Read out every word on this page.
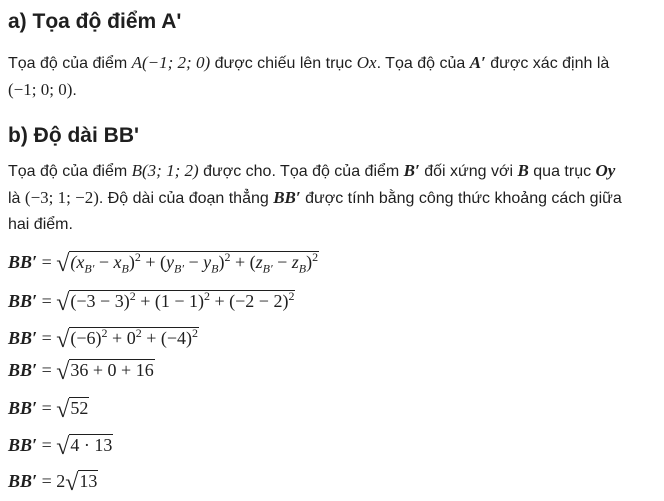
a) Tọa độ điểm A'

Tọa độ của điểm A(−1; 2; 0) được chiếu lên trục Ox. Tọa độ của A′ được xác định là
(−1; 0; 0).

b) Độ dài BB'

Tọa độ của điểm B(3; 1; 2) được cho. Tọa độ của điểm B′ đối xứng với B qua trục Oy
là (−3; 1; −2). Độ dài của đoạn thẳng BB′ được tính bằng công thức khoảng cách giữa
hai điểm.

$BB' = √(x_{B'} - x_B)^2 + (y_{B'} - y_B)^2 + (z_{B'} - z_B)^2$
$BB' = √(-3 - 3)^2 + (1 - 1)^2 + (-2 - 2)^2$
$BB' = √(-6)^2 + 0^2 + (-4)^2$
BB′ = √36 + 0 + 16
BB′ = √52
BB′ = √4 · 13
BB′ = 2√13
